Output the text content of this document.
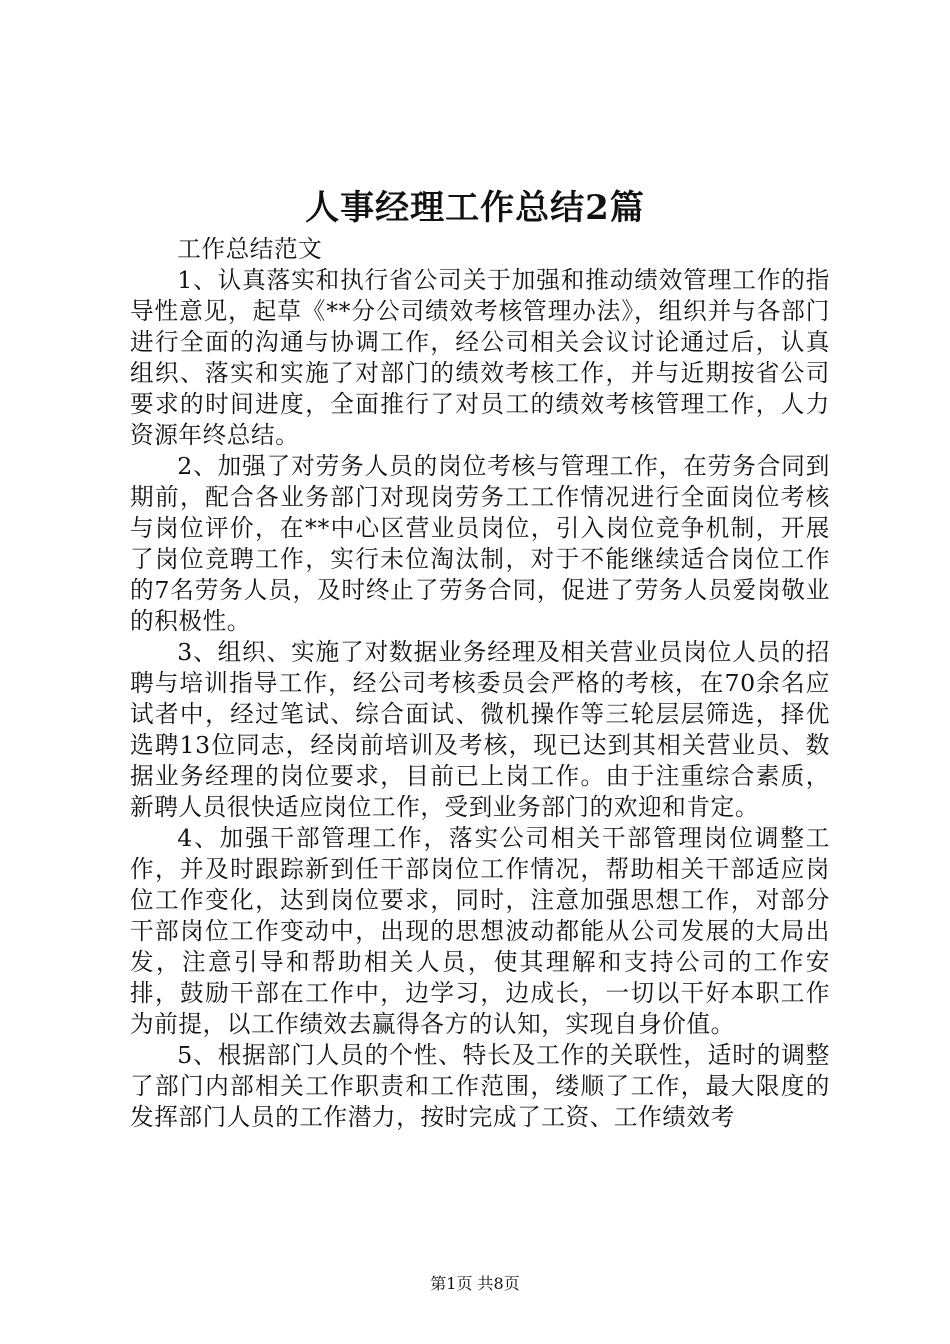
人事经理工作总结2篇

工作总结范文

1、认真落实和执行省公司关于加强和推动绩效管理工作的指导性意见，起草《**分公司绩效考核管理办法》，组织并与各部门进行全面的沟通与协调工作，经公司相关会议讨论通过后，认真组织、落实和实施了对部门的绩效考核工作，并与近期按省公司要求的时间进度，全面推行了对员工的绩效考核管理工作，人力资源年终总结。

2、加强了对劳务人员的岗位考核与管理工作，在劳务合同到期前，配合各业务部门对现岗劳务工工作情况进行全面岗位考核与岗位评价，在**中心区营业员岗位，引入岗位竞争机制，开展了岗位竞聘工作，实行未位淘汰制，对于不能继续适合岗位工作的7名劳务人员，及时终止了劳务合同，促进了劳务人员爱岗敬业的积极性。

3、组织、实施了对数据业务经理及相关营业员岗位人员的招聘与培训指导工作，经公司考核委员会严格的考核，在70余名应试者中，经过笔试、综合面试、微机操作等三轮层层筛选，择优选聘13位同志，经岗前培训及考核，现已达到其相关营业员、数据业务经理的岗位要求，目前已上岗工作。由于注重综合素质，新聘人员很快适应岗位工作，受到业务部门的欢迎和肯定。

4、加强干部管理工作，落实公司相关干部管理岗位调整工作，并及时跟踪新到任干部岗位工作情况，帮助相关干部适应岗位工作变化，达到岗位要求，同时，注意加强思想工作，对部分干部岗位工作变动中，出现的思想波动都能从公司发展的大局出发，注意引导和帮助相关人员，使其理解和支持公司的工作安排，鼓励干部在工作中，边学习，边成长，一切以干好本职工作为前提，以工作绩效去赢得各方的认知，实现自身价值。

5、根据部门人员的个性、特长及工作的关联性，适时的调整了部门内部相关工作职责和工作范围，缕顺了工作，最大限度的发挥部门人员的工作潜力，按时完成了工资、工作绩效考

第1页 共8页
